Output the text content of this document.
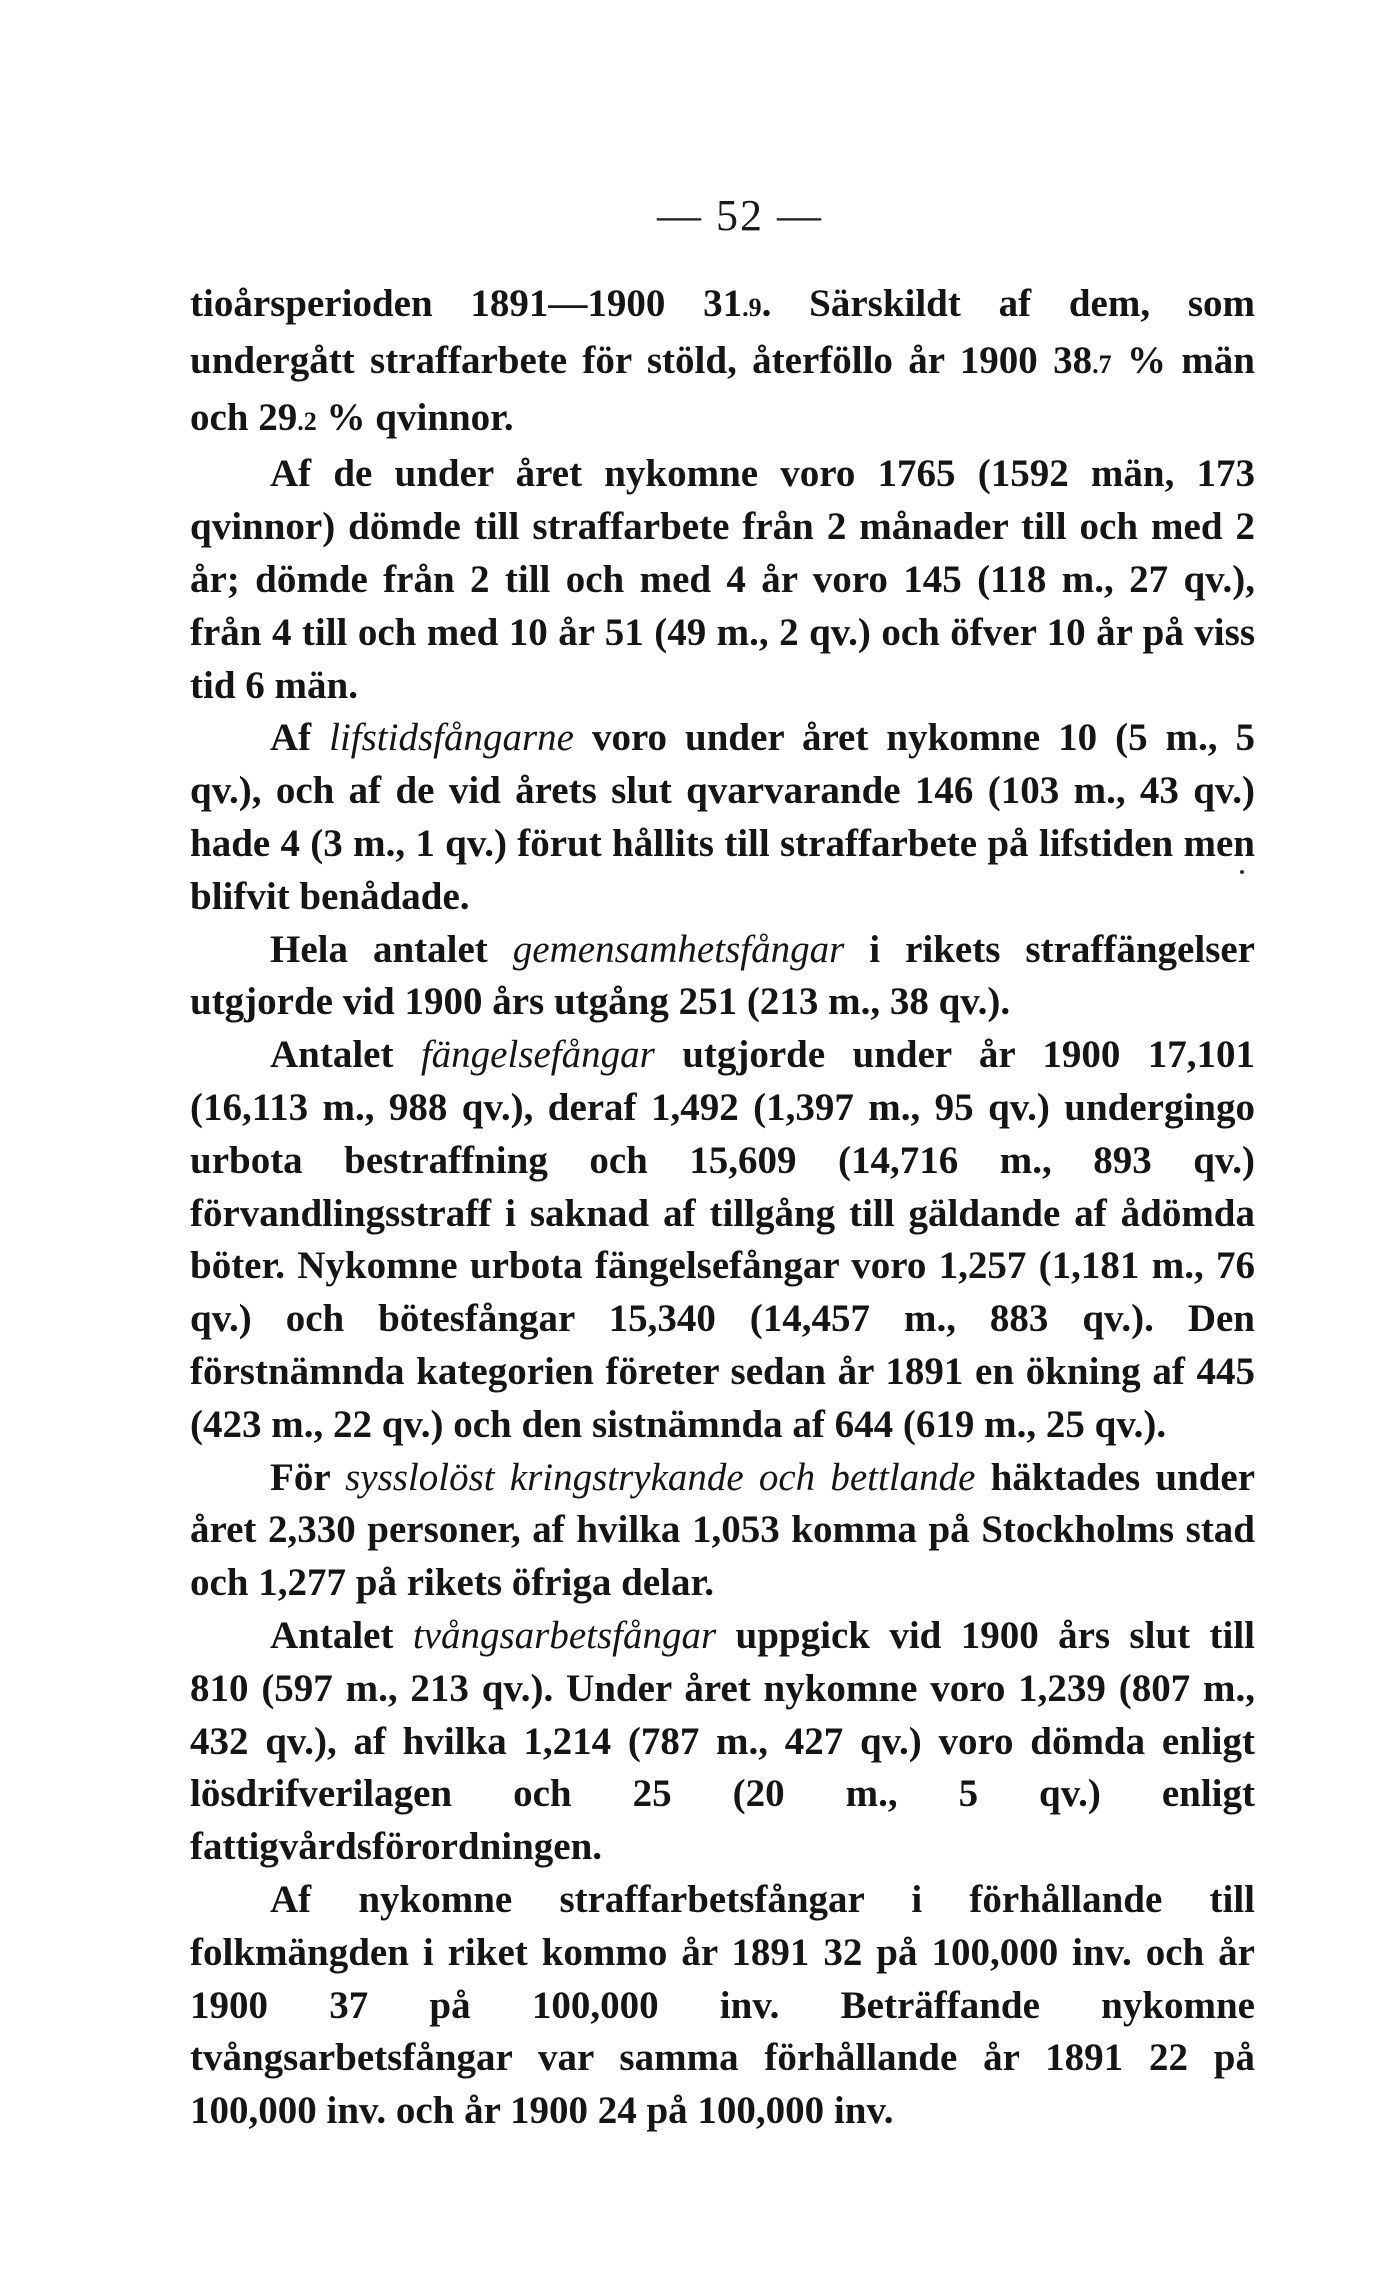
— 52 —

tioårsperioden 1891—1900 31.9. Särskildt af dem, som undergått straffarbete för stöld, återföllo år 1900 38.7 % män och 29.2 % qvinnor.

Af de under året nykomne voro 1765 (1592 män, 173 qvinnor) dömde till straffarbete från 2 månader till och med 2 år; dömde från 2 till och med 4 år voro 145 (118 m., 27 qv.), från 4 till och med 10 år 51 (49 m., 2 qv.) och öfver 10 år på viss tid 6 män.

Af lifstidsfångarne voro under året nykomne 10 (5 m., 5 qv.), och af de vid årets slut qvarvarande 146 (103 m., 43 qv.) hade 4 (3 m., 1 qv.) förut hållits till straffarbete på lifstiden men blifvit benådade.

Hela antalet gemensamhetsfångar i rikets straffängelser utgjorde vid 1900 års utgång 251 (213 m., 38 qv.).

Antalet fängelsefångar utgjorde under år 1900 17,101 (16,113 m., 988 qv.), deraf 1,492 (1,397 m., 95 qv.) undergingo urbota bestraffning och 15,609 (14,716 m., 893 qv.) förvandlingsstraff i saknad af tillgång till gäldande af ådömda böter. Nykomne urbota fängelsefångar voro 1,257 (1,181 m., 76 qv.) och bötesfångar 15,340 (14,457 m., 883 qv.). Den förstnämnda kategorien företer sedan år 1891 en ökning af 445 (423 m., 22 qv.) och den sistnämnda af 644 (619 m., 25 qv.).

För sysslolöst kringstrykande och bettlande häktades under året 2,330 personer, af hvilka 1,053 komma på Stockholms stad och 1,277 på rikets öfriga delar.

Antalet tvångsarbetsfångar uppgick vid 1900 års slut till 810 (597 m., 213 qv.). Under året nykomne voro 1,239 (807 m., 432 qv.), af hvilka 1,214 (787 m., 427 qv.) voro dömda enligt lösdrifverilagen och 25 (20 m., 5 qv.) enligt fattigvårdsförordningen.

Af nykomne straffarbetsfångar i förhållande till folkmängden i riket kommo år 1891 32 på 100,000 inv. och år 1900 37 på 100,000 inv. Beträffande nykomne tvångsarbetsfångar var samma förhållande år 1891 22 på 100,000 inv. och år 1900 24 på 100,000 inv.
